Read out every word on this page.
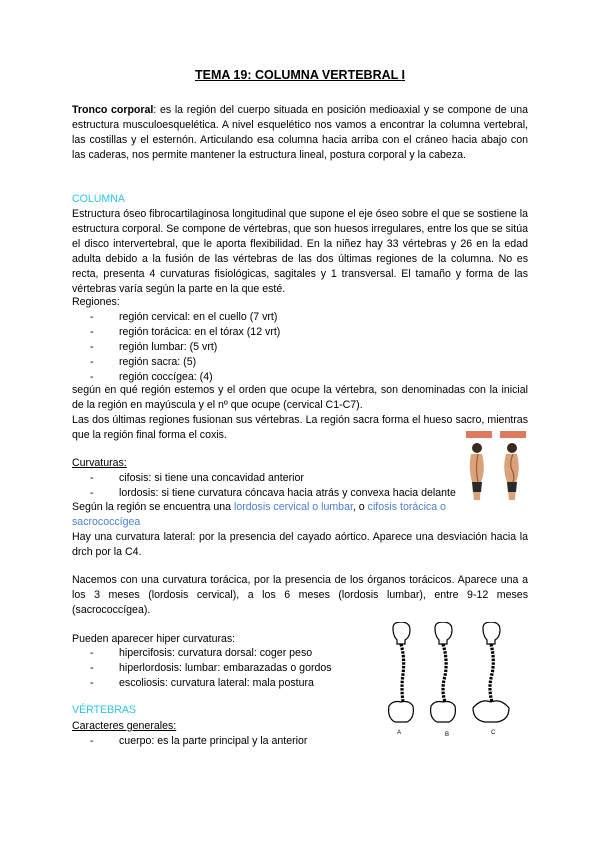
TEMA 19: COLUMNA VERTEBRAL I
Tronco corporal: es la región del cuerpo situada en posición medioaxial y se compone de una estructura musculoesquelética. A nivel esquelético nos vamos a encontrar la columna vertebral, las costillas y el esternón. Articulando esa columna hacia arriba con el cráneo hacia abajo con las caderas, nos permite mantener la estructura lineal, postura corporal y la cabeza.
COLUMNA
Estructura óseo fibrocartilaginosa longitudinal que supone el eje óseo sobre el que se sostiene la estructura corporal. Se compone de vértebras, que son huesos irregulares, entre los que se sitúa el disco intervertebral, que le aporta flexibilidad. En la niñez hay 33 vértebras y 26 en la edad adulta debido a la fusión de las vértebras de las dos últimas regiones de la columna. No es recta, presenta 4 curvaturas fisiológicas, sagitales y 1 transversal. El tamaño y forma de las vértebras varía según la parte en la que esté.
Regiones:
- región cervical: en el cuello (7 vrt)
- región torácica: en el tórax (12 vrt)
- región lumbar: (5 vrt)
- región sacra: (5)
- región coccígea: (4)
según en qué región estemos y el orden que ocupe la vértebra, son denominadas con la inicial de la región en mayúscula y el nº que ocupe (cervical C1-C7).
Las dos últimas regiones fusionan sus vértebras. La región sacra forma el hueso sacro, mientras que la región final forma el coxis.
Curvaturas:
- cifosis: si tiene una concavidad anterior
- lordosis: si tiene curvatura cóncava hacia atrás y convexa hacia delante
Según la región se encuentra una lordosis cervical o lumbar, o cifosis torácica o sacrococcígea
Hay una curvatura lateral: por la presencia del cayado aórtico. Aparece una desviación hacia la drch por la C4.
Nacemos con una curvatura torácica, por la presencia de los órganos torácicos. Aparece una a los 3 meses (lordosis cervical), a los 6 meses (lordosis lumbar), entre 9-12 meses (sacrococcígea).
Pueden aparecer hiper curvaturas:
- hipercifosis: curvatura dorsal: coger peso
- hiperlordosis: lumbar: embarazadas o gordos
- escoliosis: curvatura lateral: mala postura
VÉRTEBRAS
Caracteres generales:
- cuerpo: es la parte principal y la anterior
A	B	C
